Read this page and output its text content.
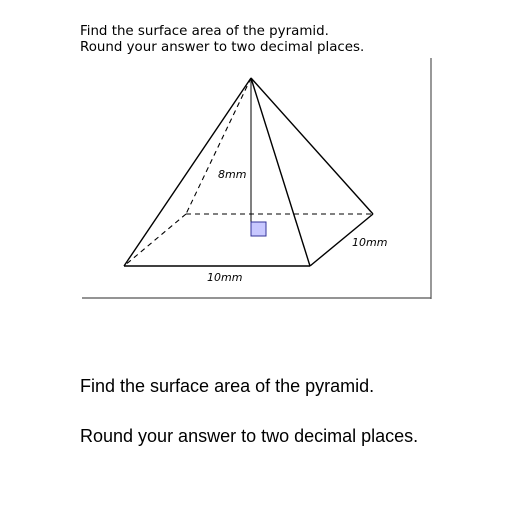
Find the surface area of the pyramid.
Round your answer to two decimal places.
8mm
10mm
10mm
Find the surface area of the pyramid.
Round your answer to two decimal places.
